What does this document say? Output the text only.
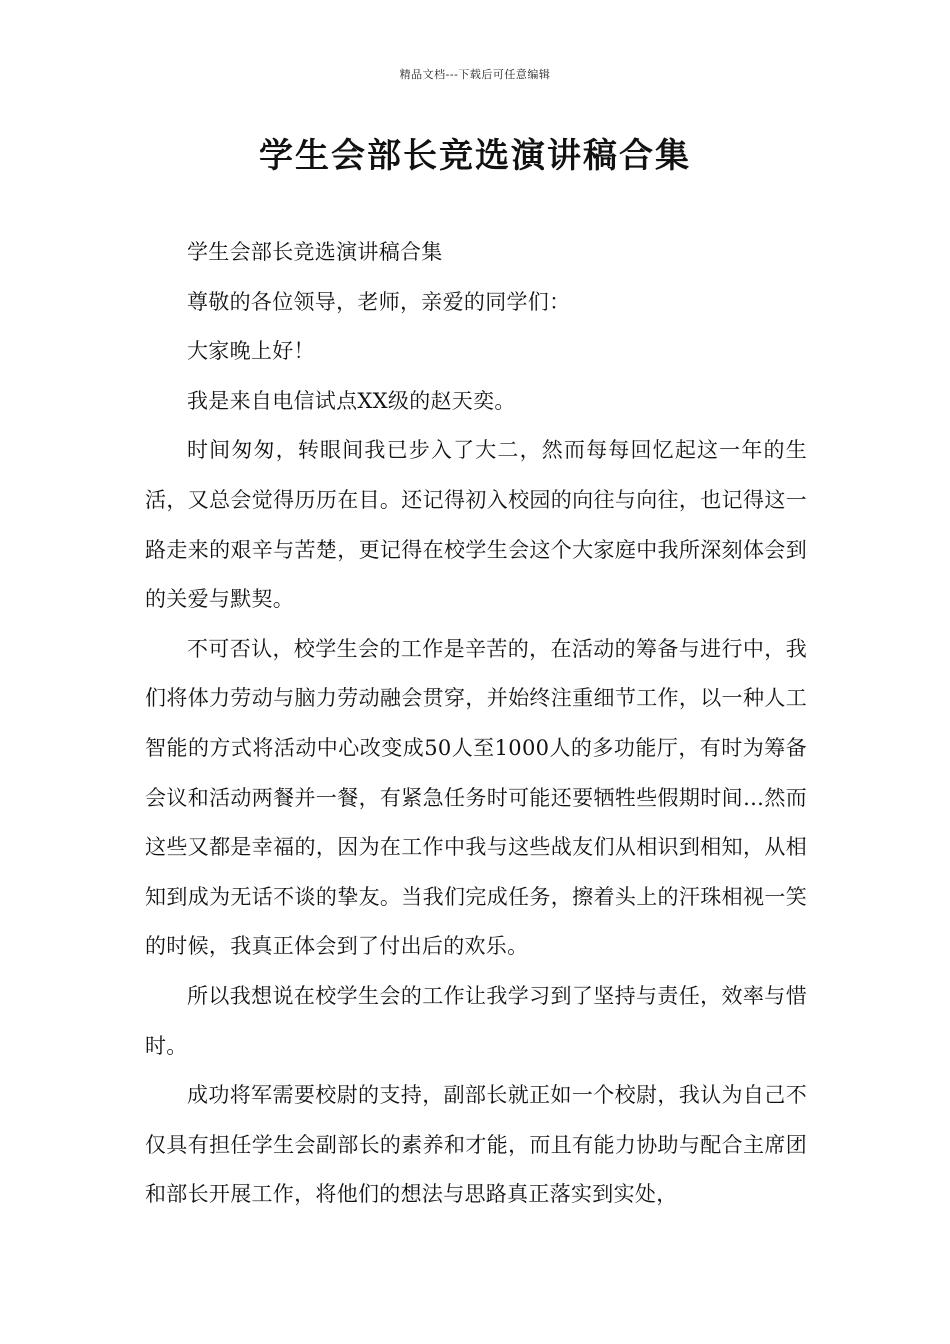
精品文档---下载后可任意编辑
学生会部长竞选演讲稿合集

学生会部长竞选演讲稿合集

尊敬的各位领导，老师，亲爱的同学们：

大家晚上好！

我是来自电信试点XX级的赵天奕。

时间匆匆，转眼间我已步入了大二，然而每每回忆起这一年的生活，又总会觉得历历在目。还记得初入校园的向往与向往，也记得这一路走来的艰辛与苦楚，更记得在校学生会这个大家庭中我所深刻体会到的关爱与默契。

不可否认，校学生会的工作是辛苦的，在活动的筹备与进行中，我们将体力劳动与脑力劳动融会贯穿，并始终注重细节工作，以一种人工智能的方式将活动中心改变成50人至1000人的多功能厅，有时为筹备会议和活动两餐并一餐，有紧急任务时可能还要牺牲些假期时间…然而这些又都是幸福的，因为在工作中我与这些战友们从相识到相知，从相知到成为无话不谈的挚友。当我们完成任务，擦着头上的汗珠相视一笑的时候，我真正体会到了付出后的欢乐。

所以我想说在校学生会的工作让我学习到了坚持与责任，效率与惜时。

成功将军需要校尉的支持，副部长就正如一个校尉，我认为自己不仅具有担任学生会副部长的素养和才能，而且有能力协助与配合主席团和部长开展工作，将他们的想法与思路真正落实到实处，
